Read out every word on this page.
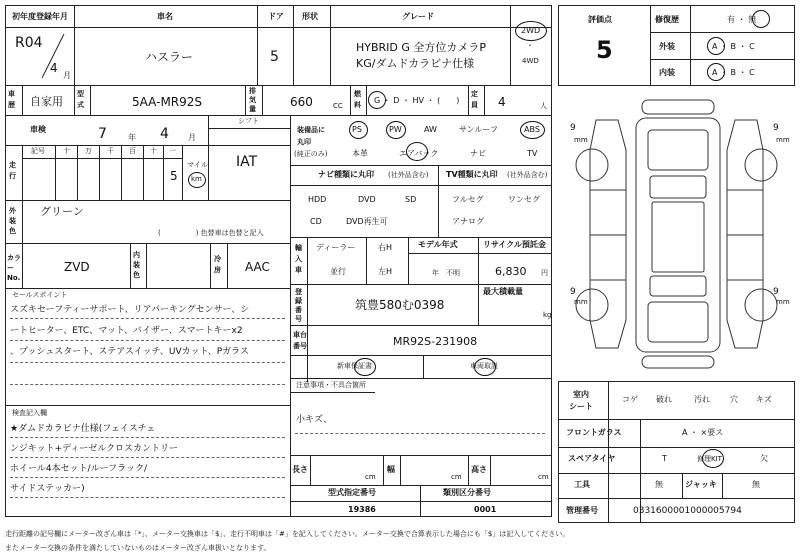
初年度登録年月
R04
4
月
車名
ハスラー
ドア
5
形状	グレード
HYBRID G 全方位カメラP
KG/ダムドカラビナ仕様
2WD
・
4WD
車歴 自家用
型式	5AA-MR92S
排気量	660	CC
燃料	G ・ D ・ HV ・ (　　)
定員 4	人
車検	7	年 4 月
シフト
IAT
走行
記号	十 万 千 百 十 一
5
マイル
km
外装色
グリーン
(　　　　　) 色替車は色替と記入
カラーNo.
ZVD
内装色
冷房 AAC
セールスポイント
スズキセーフティーサポート、リアパーキングセンサー、シ
ートヒーター、ETC、マット、バイザー、スマートキーx2
、プッシュスタート、ステアスイッチ、UVカット、Pガラス
検査記入欄
★ダムドカラビナ仕様(フェイスチェ
ンジキット+ディーゼルクロスカントリー
ホイール4本セット/ルーフラック/
サイドステッカー)
装備品に
丸印
(純正のみ)
PS	PW	AW	サンルーフ	ABS
本革	エアバック	ナビ	TV
ナビ種類に丸印 (社外品含む)
HDD	DVD	SD
CD	DVD再生可
TV種類に丸印 (社外品含む)
フルセグ	ワンセグ
アナログ
輸入車
ディーラー
並行
右H
左H
モデル年式
年　不明
リサイクル預託金
6,830 円
登録番号
筑豊580む0398
最大積載量
kg
車台番号	MR92S-231908
新車保証書	車両取説
注意事項・不具合箇所
小キズ、
長さ
cm
幅
cm
高さ
cm
型式指定番号
19386
類別区分番号
0001
評価点
5
修復歴	有 ・ 無
外装	A ・ B ・ C
内装	A ・ B ・ C
9
mm
9
mm
9
mm
9
mm
室内
シート
コゲ 破れ	汚れ	穴 キズ
フロントガラス	A ・ ×要ス
スペアタイヤ	T	修理KIT	欠
工具	無	ジャッキ	無
管理番号	0331600001000005794
走行距離の記号欄にメーター改ざん車は「*」、メーター交換車は「$」、走行不明車は「#」を記入してください。メーター交換で合算表示した場合にも「$」は記入してください。
またメーター交換の条件を満たしていないものはメーター改ざん車扱いとなります。
